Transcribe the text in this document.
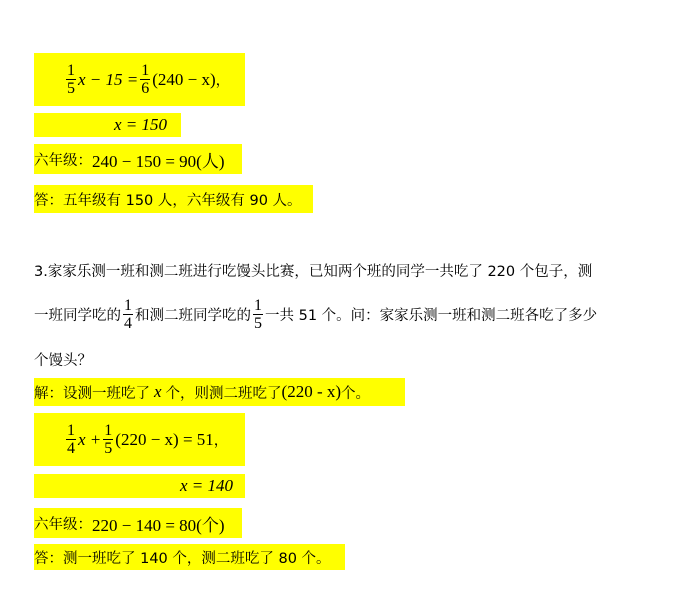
$\frac{1}{5}$ $x - 15 = \frac{1}{6} (240 - x)$ ，
x = 150
六年级： 240 − 150 = 90(人)
答：五年级有 150 人，六年级有 90 人。
3.家家乐测一班和测二班进行吃馒头比赛，已知两个班的同学一共吃了 220 个包子，测
一班同学吃的 $\frac{1}{4}$ 和测二班同学吃的 $\frac{1}{5}$ 一共 51 个。问：家家乐测一班和测二班各吃了多少
个馒头？
解：设测一班吃了 x 个，则测二班吃了 (220 - x) 个。
$\frac{1}{4}$ $x + \frac{1}{5} (220 - x) = 51$ ，
x = 140
六年级： 220 − 140 = 80(个)
答：测一班吃了 140 个，测二班吃了 80 个。
